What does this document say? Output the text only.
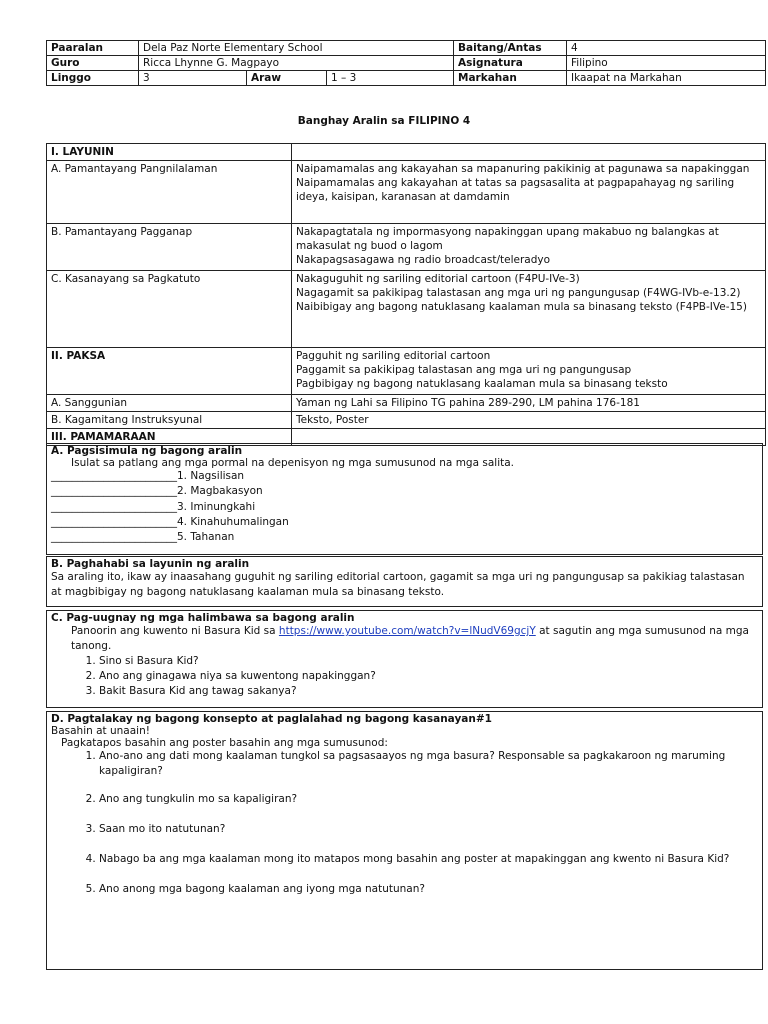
Paaralan	Dela Paz Norte Elementary School			Baitang/Antas	4
Guro	Ricca Lhynne G. Magpayo			Asignatura	Filipino
Linggo	3	Araw	1 – 3	Markahan	Ikaapat na Markahan
Banghay Aralin sa FILIPINO 4
I. LAYUNIN	
A. Pamantayang Pangnilalaman	Naipamamalas ang kakayahan sa mapanuring pakikinig at pagunawa sa napakinggan
Naipamamalas ang kakayahan at tatas sa pagsasalita at pagpapahayag ng sariling ideya, kaisipan, karanasan at damdamin

B. Pamantayang Pagganap	Nakapagtatala ng impormasyong napakinggan upang makabuo ng balangkas at makasulat ng buod o lagom
Nakapagsasagawa ng radio broadcast/teleradyo

C. Kasanayang sa Pagkatuto	Nakaguguhit ng sariling editorial cartoon (F4PU-IVe-3)
Nagagamit sa pakikipag talastasan ang mga uri ng pangungusap (F4WG-IVb-e-13.2)
Naibibigay ang bagong natuklasang kaalaman mula sa binasang teksto (F4PB-IVe-15)

II. PAKSA	Pagguhit ng sariling editorial cartoon
Paggamit sa pakikipag talastasan ang mga uri ng pangungusap
Pagbibigay ng bagong natuklasang kaalaman mula sa binasang teksto

A. Sanggunian	Yaman ng Lahi sa Filipino TG pahina 289-290, LM pahina 176-181
B. Kagamitang Instruksyunal	Teksto, Poster
III. PAMAMARAAN	
A. Pagsisimula ng bagong aralin
Isulat sa patlang ang mga pormal na depenisyon ng mga sumusunod na mga salita.
________________________1. Nagsilisan
________________________2. Magbakasyon
________________________3. Iminungkahi
________________________4. Kinahuhumalingan
________________________5. Tahanan
B. Paghahabi sa layunin ng aralin
Sa araling ito, ikaw ay inaasahang guguhit ng sariling editorial cartoon, gagamit sa mga uri ng pangungusap sa pakikiag talastasan at magbibigay ng bagong natuklasang kaalaman mula sa binasang teksto.
C. Pag-uugnay ng mga halimbawa sa bagong aralin
Panoorin ang kuwento ni Basura Kid sa https://www.youtube.com/watch?v=lNudV69gcjY at sagutin ang mga sumusunod na mga tanong.
1. Sino si Basura Kid?
2. Ano ang ginagawa niya sa kuwentong napakinggan?
3. Bakit Basura Kid ang tawag sakanya?
D. Pagtalakay ng bagong konsepto at paglalahad ng bagong kasanayan#1
Basahin at unaain!
Pagkatapos basahin ang poster basahin ang mga sumusunod:
1. Ano-ano ang dati mong kaalaman tungkol sa pagsasaayos ng mga basura? Responsable sa pagkakaroon ng maruming kapaligiran?
2. Ano ang tungkulin mo sa kapaligiran?
3. Saan mo ito natutunan?
4. Nabago ba ang mga kaalaman mong ito matapos mong basahin ang poster at mapakinggan ang kwento ni Basura Kid?
5. Ano anong mga bagong kaalaman ang iyong mga natutunan?
